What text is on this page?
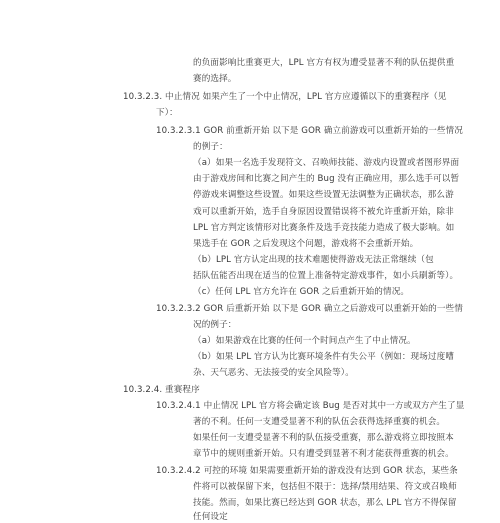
的负面影响比重赛更大，LPL 官方有权为遭受显著不利的队伍提供重
赛的选择。
10.3.2.3. 中止情况 如果产生了一个中止情况，LPL 官方应遵循以下的重赛程序（见
下）：
10.3.2.3.1 GOR 前重新开始 以下是 GOR 确立前游戏可以重新开始的一些情况
的例子：
（a）如果一名选手发现符文、召唤师技能、游戏内设置或者图形界面
由于游戏房间和比赛之间产生的 Bug 没有正确应用，那么选手可以暂
停游戏来调整这些设置。如果这些设置无法调整为正确状态，那么游
戏可以重新开始，选手自身原因设置错误将不被允许重新开始，除非
LPL 官方判定该情形对比赛条件及选手竞技能力造成了极大影响。如
果选手在 GOR 之后发现这个问题，游戏将不会重新开始。
（b）LPL 官方认定出现的技术难题使得游戏无法正常继续（包
括队伍能否出现在适当的位置上准备特定游戏事件，如小兵刷新等）。
（c）任何 LPL 官方允许在 GOR 之后重新开始的情况。
10.3.2.3.2 GOR 后重新开始 以下是 GOR 确立之后游戏可以重新开始的一些情
况的例子：
（a）如果游戏在比赛的任何一个时间点产生了中止情况。
（b）如果 LPL 官方认为比赛环境条件有失公平（例如：现场过度嘈
杂、天气恶劣、无法接受的安全风险等）。
10.3.2.4. 重赛程序
10.3.2.4.1 中止情况 LPL 官方将会确定该 Bug 是否对其中一方或双方产生了显
著的不利。任何一支遭受显著不利的队伍会获得选择重赛的机会。
如果任何一支遭受显著不利的队伍接受重赛，那么游戏将立即按照本
章节中的规则重新开始。只有遭受到显著不利才能获得重赛的机会。
10.3.2.4.2 可控的环境 如果需要重新开始的游戏没有达到 GOR 状态，某些条
件将可以被保留下来，包括但不限于：选择/禁用结果、符文或召唤师
技能。然而，如果比赛已经达到 GOR 状态，那么 LPL 官方不得保留
任何设定
